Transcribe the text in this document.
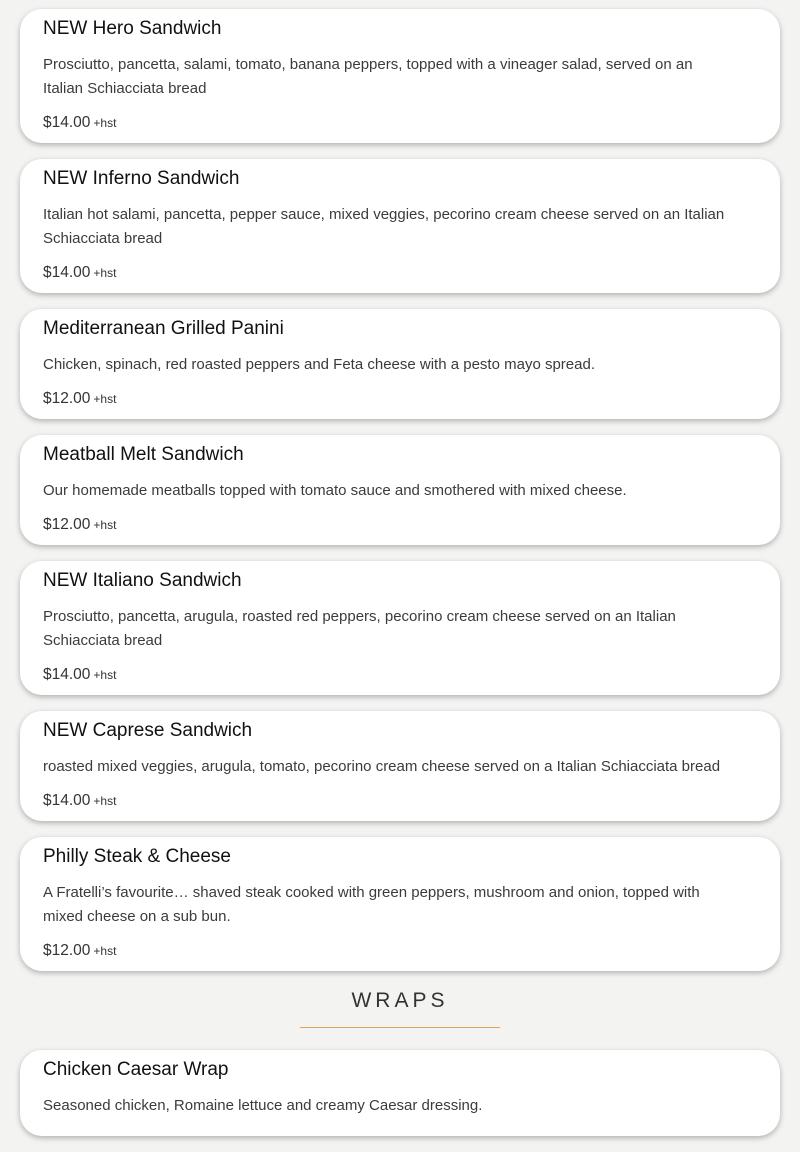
NEW Hero Sandwich

Prosciutto, pancetta, salami, tomato, banana peppers, topped with a vineager salad, served on an Italian Schiacciata bread

$14.00 +hst

NEW Inferno Sandwich

Italian hot salami, pancetta, pepper sauce, mixed veggies, pecorino cream cheese served on an Italian Schiacciata bread

$14.00 +hst

Mediterranean Grilled Panini

Chicken, spinach, red roasted peppers and Feta cheese with a pesto mayo spread.

$12.00 +hst

Meatball Melt Sandwich

Our homemade meatballs topped with tomato sauce and smothered with mixed cheese.

$12.00 +hst

NEW Italiano Sandwich

Prosciutto, pancetta, arugula, roasted red peppers, pecorino cream cheese served on an Italian Schiacciata bread

$14.00 +hst

NEW Caprese Sandwich

roasted mixed veggies, arugula, tomato, pecorino cream cheese served on a Italian Schiacciata bread

$14.00 +hst

Philly Steak & Cheese

A Fratelli’s favourite… shaved steak cooked with green peppers, mushroom and onion, topped with mixed cheese on a sub bun.

$12.00 +hst

WRAPS
Chicken Caesar Wrap

Seasoned chicken, Romaine lettuce and creamy Caesar dressing.
